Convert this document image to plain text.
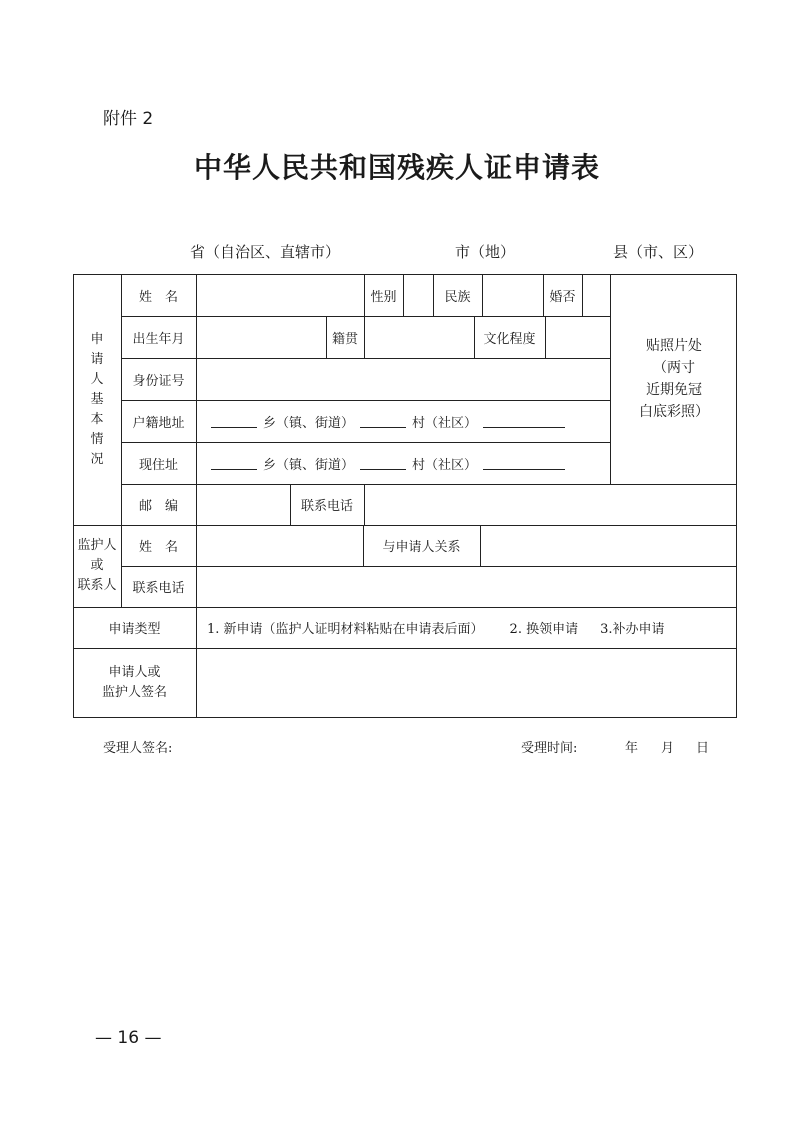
附件 2
中华人民共和国残疾人证申请表
省（自治区、直辖市）	市（地）	县（市、区）
申
请
人
基
本
情
况
姓　名	性别	民族	婚否
出生年月	籍贯	文化程度
身份证号
户籍地址	乡（镇、街道）	村（社区）
现住址	乡（镇、街道）	村（社区）
贴照片处
（两寸
近期免冠
白底彩照）
邮　编	联系电话
监护人
或
联系人
姓　名	与申请人关系
联系电话
申请类型	1. 新申请（监护人证明材料粘贴在申请表后面） 2. 换领申请 3.补办申请
申请人或
监护人签名
受理人签名:	受理时间:	年 月 日
— 16 —
